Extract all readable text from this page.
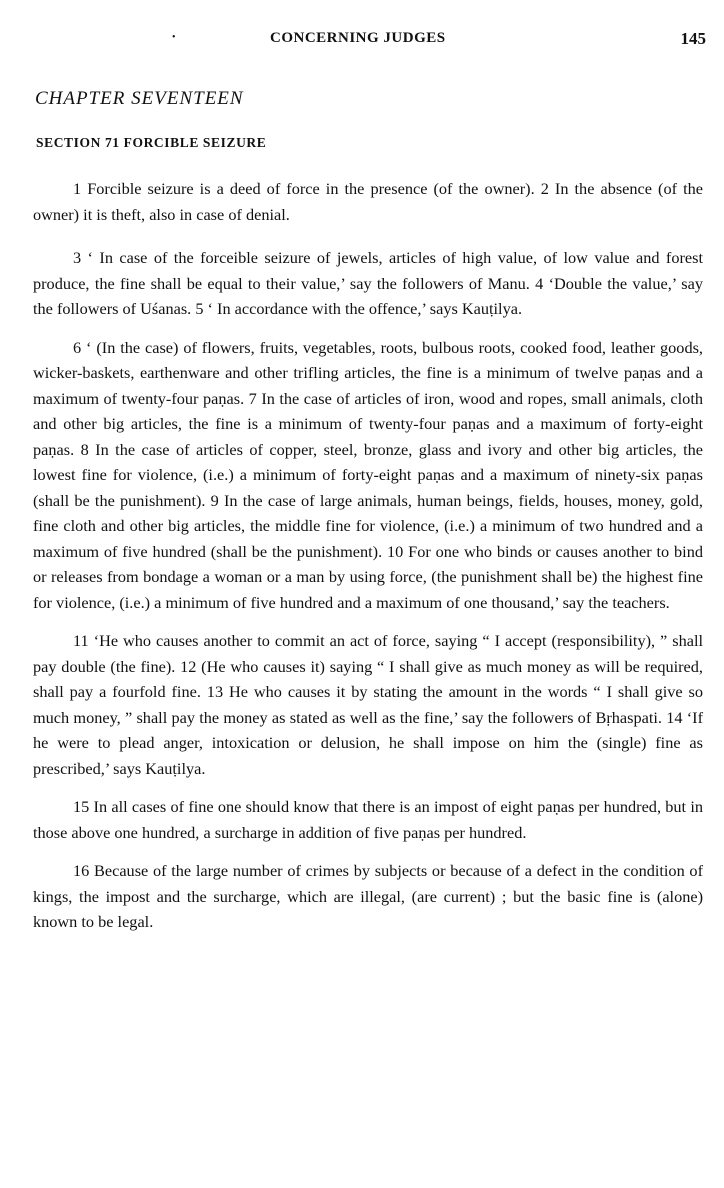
•	CONCERNING JUDGES	145
CHAPTER SEVENTEEN
SECTION 71 FORCIBLE SEIZURE

1 Forcible seizure is a deed of force in the presence (of the owner). 2 In the absence (of the owner) it is theft, also in case of denial.

3 ‘ In case of the forceible seizure of jewels, articles of high value, of low value and forest produce, the fine shall be equal to their value,’ say the followers of Manu. 4 ‘Double the value,’ say the followers of Uśanas. 5 ‘ In accordance with the offence,’ says Kauṭilya.

6 ‘ (In the case) of flowers, fruits, vegetables, roots, bulbous roots, cooked food, leather goods, wicker-baskets, earthenware and other trifling articles, the fine is a minimum of twelve paṇas and a maximum of twenty-four paṇas. 7 In the case of articles of iron, wood and ropes, small animals, cloth and other big articles, the fine is a minimum of twenty-four paṇas and a maximum of forty-eight paṇas. 8 In the case of articles of copper, steel, bronze, glass and ivory and other big articles, the lowest fine for violence, (i.e.) a minimum of forty-eight paṇas and a maximum of ninety-six paṇas (shall be the punishment). 9 In the case of large animals, human beings, fields, houses, money, gold, fine cloth and other big articles, the middle fine for violence, (i.e.) a minimum of two hundred and a maximum of five hundred (shall be the punishment). 10 For one who binds or causes another to bind or releases from bondage a woman or a man by using force, (the punishment shall be) the highest fine for violence, (i.e.) a minimum of five hundred and a maximum of one thousand,’ say the teachers.

11 ‘He who causes another to commit an act of force, saying “ I accept (responsibility), ” shall pay double (the fine). 12 (He who causes it) saying “ I shall give as much money as will be required, shall pay a fourfold fine. 13 He who causes it by stating the amount in the words “ I shall give so much money, ” shall pay the money as stated as well as the fine,’ say the followers of Bṛhaspati. 14 ‘If he were to plead anger, intoxication or delusion, he shall impose on him the (single) fine as prescribed,’ says Kauṭilya.

15 In all cases of fine one should know that there is an impost of eight paṇas per hundred, but in those above one hundred, a surcharge in addition of five paṇas per hundred.

16 Because of the large number of crimes by subjects or because of a defect in the condition of kings, the impost and the surcharge, which are illegal, (are current) ; but the basic fine is (alone) known to be legal.
